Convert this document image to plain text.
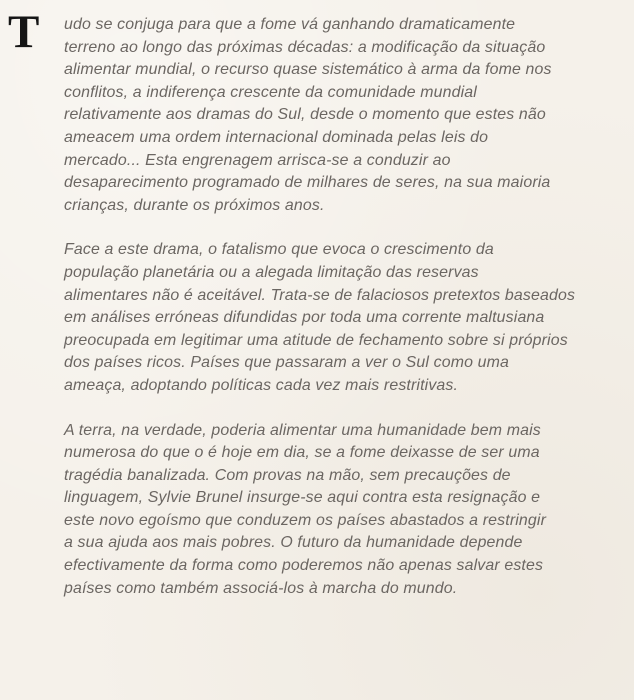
T udo se conjuga para que a fome vá ganhando dramaticamente
terreno ao longo das próximas décadas: a modificação da situação
alimentar mundial, o recurso quase sistemático à arma da fome nos
conflitos, a indiferença crescente da comunidade mundial
relativamente aos dramas do Sul, desde o momento que estes não
ameacem uma ordem internacional dominada pelas leis do
mercado... Esta engrenagem arrisca-se a conduzir ao
desaparecimento programado de milhares de seres, na sua maioria
crianças, durante os próximos anos.

Face a este drama, o fatalismo que evoca o crescimento da
população planetária ou a alegada limitação das reservas
alimentares não é aceitável. Trata-se de falaciosos pretextos baseados
em análises erróneas difundidas por toda uma corrente maltusiana
preocupada em legitimar uma atitude de fechamento sobre si próprios
dos países ricos. Países que passaram a ver o Sul como uma
ameaça, adoptando políticas cada vez mais restritivas.

A terra, na verdade, poderia alimentar uma humanidade bem mais
numerosa do que o é hoje em dia, se a fome deixasse de ser uma
tragédia banalizada. Com provas na mão, sem precauções de
linguagem, Sylvie Brunel insurge-se aqui contra esta resignação e
este novo egoísmo que conduzem os países abastados a restringir
a sua ajuda aos mais pobres. O futuro da humanidade depende
efectivamente da forma como poderemos não apenas salvar estes
países como também associá-los à marcha do mundo.
